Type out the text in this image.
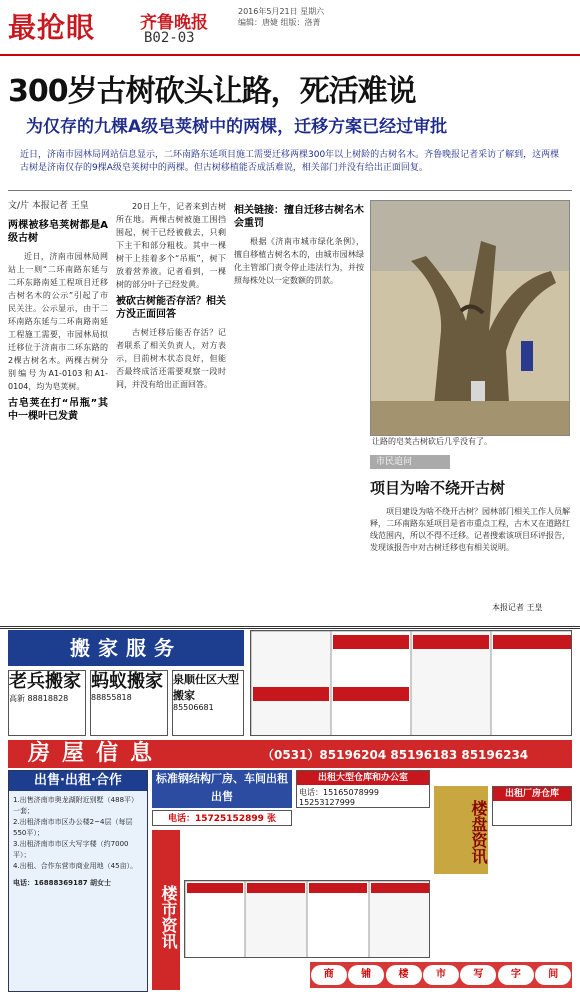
最抢眼	齐鲁晚报
2016年5月21日 星期六
编辑：唐婕 组版：洛菁
B02-03
300岁古树砍头让路，死活难说
为仅存的九棵A级皂荚树中的两棵，迁移方案已经过审批
近日，济南市园林局网站信息显示，二环南路东延项目施工需要迁移两棵300年以上树龄的古树名木。齐鲁晚报记者采访了解到，这两棵古树是济南仅存的9棵A级皂荚树中的两棵。但古树移植能否成活难说，相关部门并没有给出正面回复。
文/片 本报记者 王皇
两棵被移皂荚树都是A级古树

近日，济南市园林局网站上一则“二环南路东延与二环东路南延工程项目迁移古树名木的公示”引起了市民关注。公示显示，由于二环南路东延与二环南路南延工程施工需要，市园林局拟迁移位于济南市二环东路的2棵古树名木。两棵古树分别编号为A1-0103和A1-0104，均为皂荚树。

古皂荚在打“吊瓶”其中一棵叶已发黄

20日上午，记者来到古树所在地。两棵古树被施工围挡围起，树干已经被截去，只剩下主干和部分粗枝。其中一棵树干上挂着多个“吊瓶”，树下放着营养液。记者看到，一棵树的部分叶子已经发黄。

被砍古树能否存活？相关方没正面回答

古树迁移后能否存活？记者联系了相关负责人，对方表示，目前树木状态良好，但能否最终成活还需要观察一段时间，并没有给出正面回答。

相关链接：擅自迁移古树名木会重罚

根据《济南市城市绿化条例》，擅自移植古树名木的，由城市园林绿化主管部门责令停止违法行为，并按照每株处以一定数额的罚款。

让路的皂荚古树砍后几乎没有了。
市民追问
项目为啥不绕开古树
项目建设为啥不绕开古树？园林部门相关工作人员解释，二环南路东延项目是省市重点工程，古木又在道路红线范围内，所以不得不迁移。记者搜索该项目环评报告，发现该报告中对古树迁移也有相关说明。
本报记者 王皇
搬家服务
老兵搬家
高新 88818828
蚂蚁搬家
88855818
泉顺仕区大型搬家
85506681
房屋信息	（0531）85196204 85196183 85196234
出售·出租·合作
1.出售济南市奥龙湖附近别墅（488平）一套；
2.出租济南市市区办公楼2~4层（每层550平）；
3.出租济南市市区大写字楼（约7000平）；
4.出租、合作东营市商业用地（45亩）。
电话：16888369187 胡女士
标准钢结构厂房、车间出租出售
电话：15725152899 张
楼市资讯
出租大型仓库和办公室
电话：15165078999 15253127999	楼盘资讯
出租厂房仓库
商	铺	楼	市	写	字	间
